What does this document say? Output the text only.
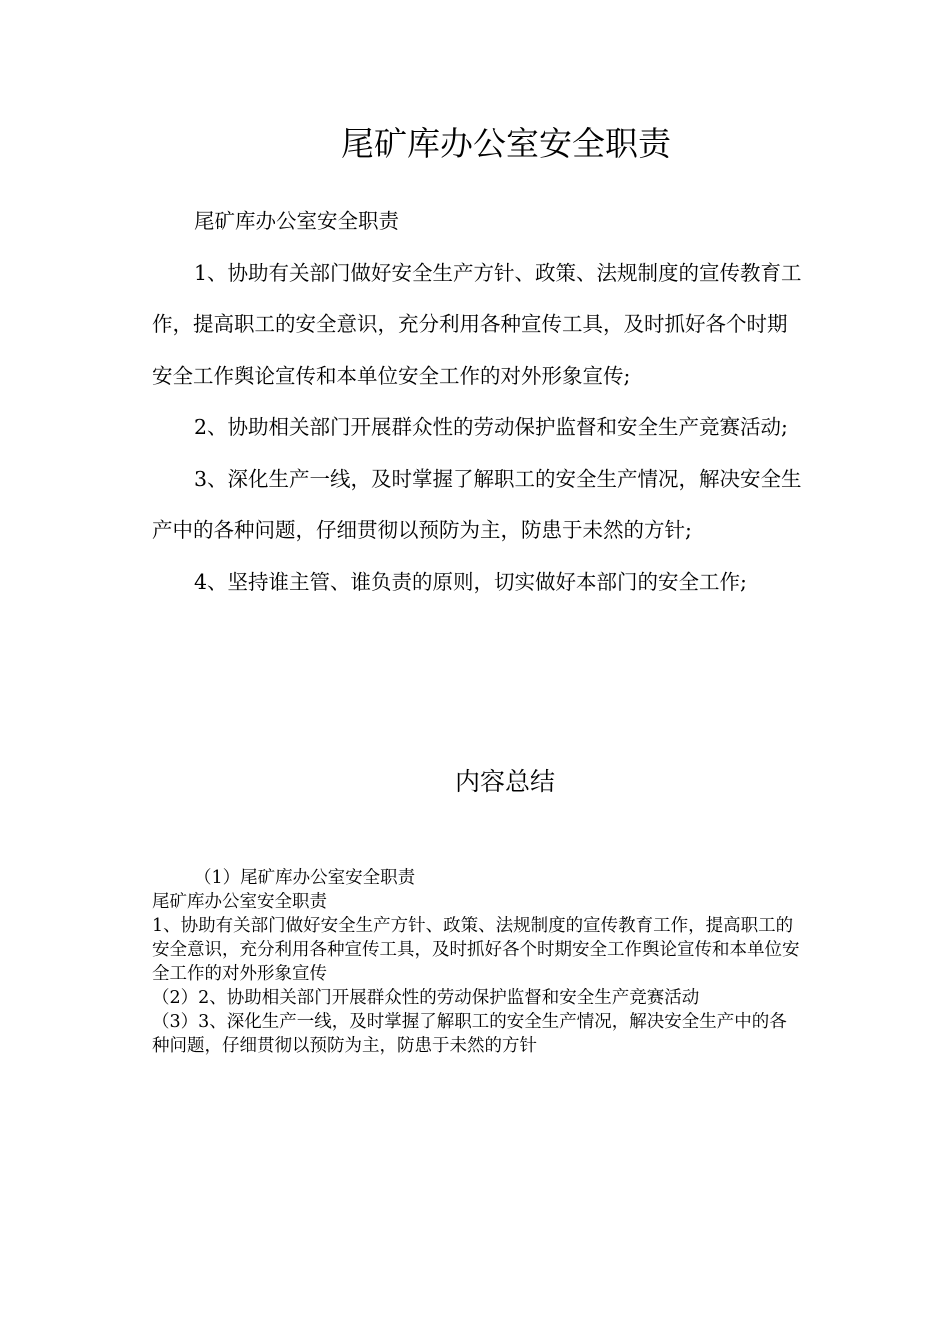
尾矿库办公室安全职责

尾矿库办公室安全职责

1、协助有关部门做好安全生产方针、政策、法规制度的宣传教育工作，提高职工的安全意识，充分利用各种宣传工具，及时抓好各个时期安全工作舆论宣传和本单位安全工作的对外形象宣传;

2、协助相关部门开展群众性的劳动保护监督和安全生产竞赛活动;

3、深化生产一线，及时掌握了解职工的安全生产情况，解决安全生产中的各种问题，仔细贯彻以预防为主，防患于未然的方针;

4、坚持谁主管、谁负责的原则，切实做好本部门的安全工作;

内容总结
（1）尾矿库办公室安全职责
尾矿库办公室安全职责
1、协助有关部门做好安全生产方针、政策、法规制度的宣传教育工作，提高职工的安全意识，充分利用各种宣传工具，及时抓好各个时期安全工作舆论宣传和本单位安全工作的对外形象宣传
（2）2、协助相关部门开展群众性的劳动保护监督和安全生产竞赛活动
（3）3、深化生产一线，及时掌握了解职工的安全生产情况，解决安全生产中的各种问题，仔细贯彻以预防为主，防患于未然的方针
